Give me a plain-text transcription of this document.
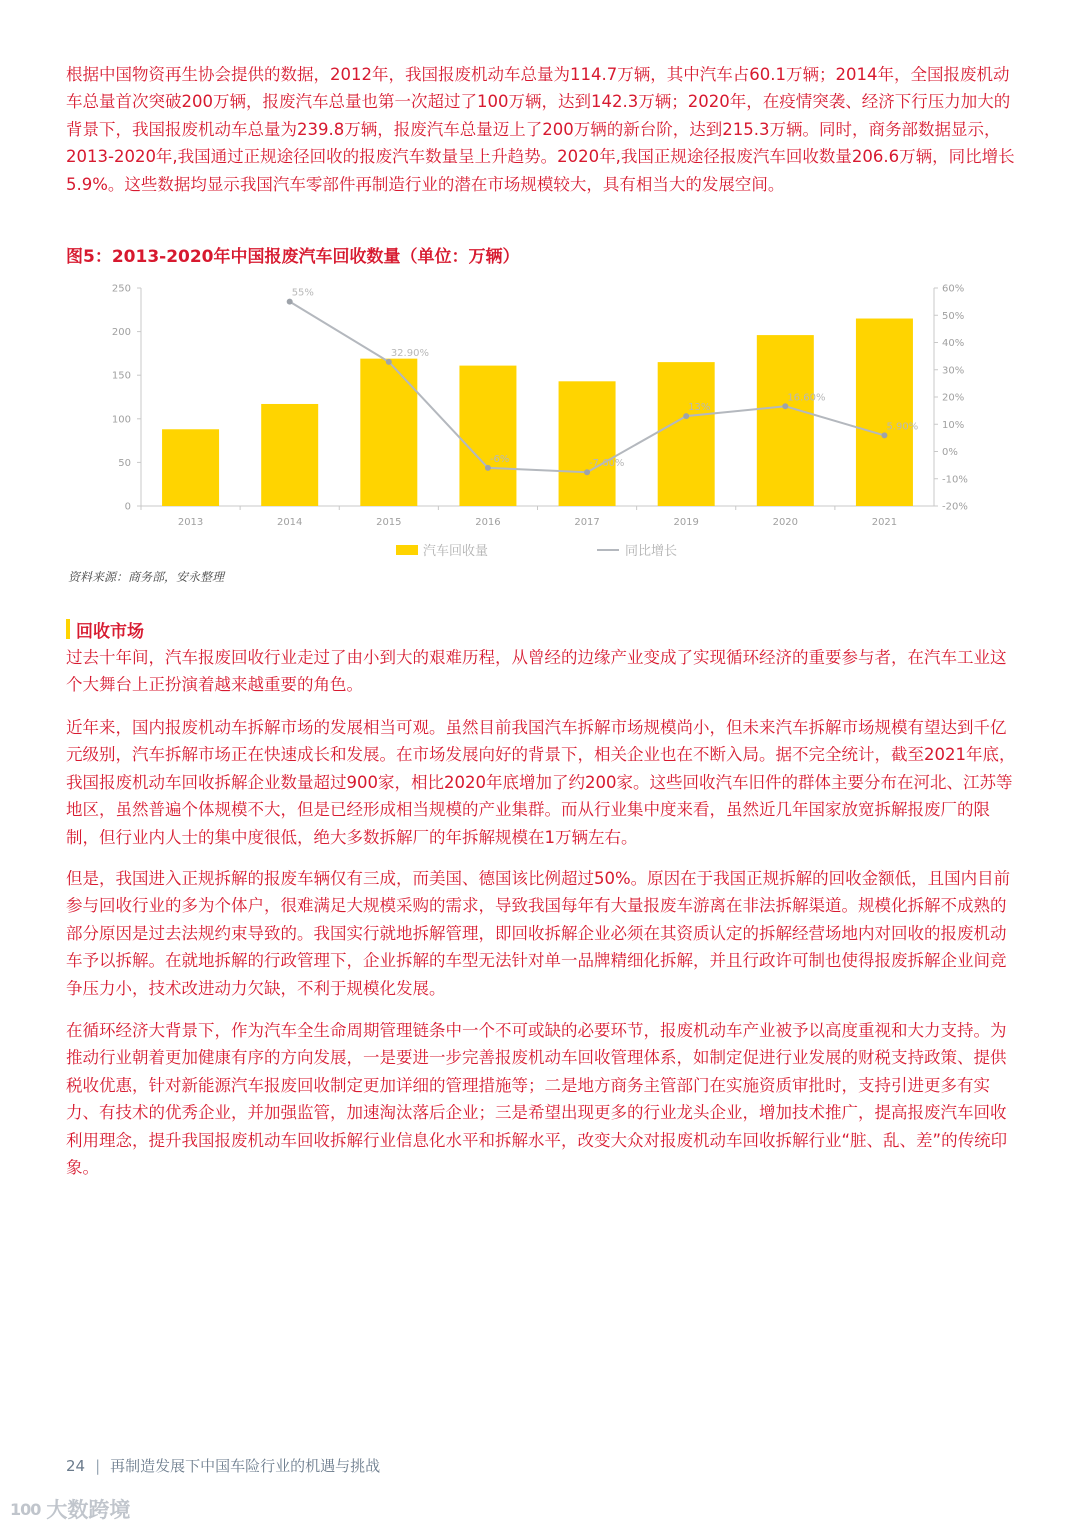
根据中国物资再生协会提供的数据，2012年，我国报废机动车总量为114.7万辆，其中汽车占60.1万辆；2014年，全国报废机动车总量首次突破200万辆，报废汽车总量也第一次超过了100万辆，达到142.3万辆；2020年，在疫情突袭、经济下行压力加大的背景下，我国报废机动车总量为239.8万辆，报废汽车总量迈上了200万辆的新台阶，达到215.3万辆。同时，商务部数据显示，2013-2020年,我国通过正规途径回收的报废汽车数量呈上升趋势。2020年,我国正规途径报废汽车回收数量206.6万辆，同比增长5.9%。这些数据均显示我国汽车零部件再制造行业的潜在市场规模较大，具有相当大的发展空间。

图5：2013-2020年中国报废汽车回收数量（单位：万辆）

0
50
100
150
200
250
-20%
-10%
0%
10%
20%
30%
40%
50%
60%
2013	2014	2015	2016	2017	2019	2020	2021
55%
32.90%
-6%	-7.60%
13%
16.60%
5.90%
汽车回收量	同比增长
资料来源：商务部，安永整理
回收市场

过去十年间，汽车报废回收行业走过了由小到大的艰难历程，从曾经的边缘产业变成了实现循环经济的重要参与者，在汽车工业这个大舞台上正扮演着越来越重要的角色。

近年来，国内报废机动车拆解市场的发展相当可观。虽然目前我国汽车拆解市场规模尚小，但未来汽车拆解市场规模有望达到千亿元级别，汽车拆解市场正在快速成长和发展。在市场发展向好的背景下，相关企业也在不断入局。据不完全统计，截至2021年底，我国报废机动车回收拆解企业数量超过900家，相比2020年底增加了约200家。这些回收汽车旧件的群体主要分布在河北、江苏等地区，虽然普遍个体规模不大，但是已经形成相当规模的产业集群。而从行业集中度来看，虽然近几年国家放宽拆解报废厂的限制，但行业内人士的集中度很低，绝大多数拆解厂的年拆解规模在1万辆左右。

但是，我国进入正规拆解的报废车辆仅有三成，而美国、德国该比例超过50%。原因在于我国正规拆解的回收金额低，且国内目前参与回收行业的多为个体户，很难满足大规模采购的需求，导致我国每年有大量报废车游离在非法拆解渠道。规模化拆解不成熟的部分原因是过去法规约束导致的。我国实行就地拆解管理，即回收拆解企业必须在其资质认定的拆解经营场地内对回收的报废机动车予以拆解。在就地拆解的行政管理下，企业拆解的车型无法针对单一品牌精细化拆解，并且行政许可制也使得报废拆解企业间竞争压力小，技术改进动力欠缺，不利于规模化发展。

在循环经济大背景下，作为汽车全生命周期管理链条中一个不可或缺的必要环节，报废机动车产业被予以高度重视和大力支持。为推动行业朝着更加健康有序的方向发展，一是要进一步完善报废机动车回收管理体系，如制定促进行业发展的财税支持政策、提供税收优惠，针对新能源汽车报废回收制定更加详细的管理措施等；二是地方商务主管部门在实施资质审批时，支持引进更多有实力、有技术的优秀企业，并加强监管，加速淘汰落后企业；三是希望出现更多的行业龙头企业，增加技术推广，提高报废汽车回收利用理念，提升我国报废机动车回收拆解行业信息化水平和拆解水平，改变大众对报废机动车回收拆解行业“脏、乱、差”的传统印象。

24 | 再制造发展下中国车险行业的机遇与挑战
100 大数跨境
